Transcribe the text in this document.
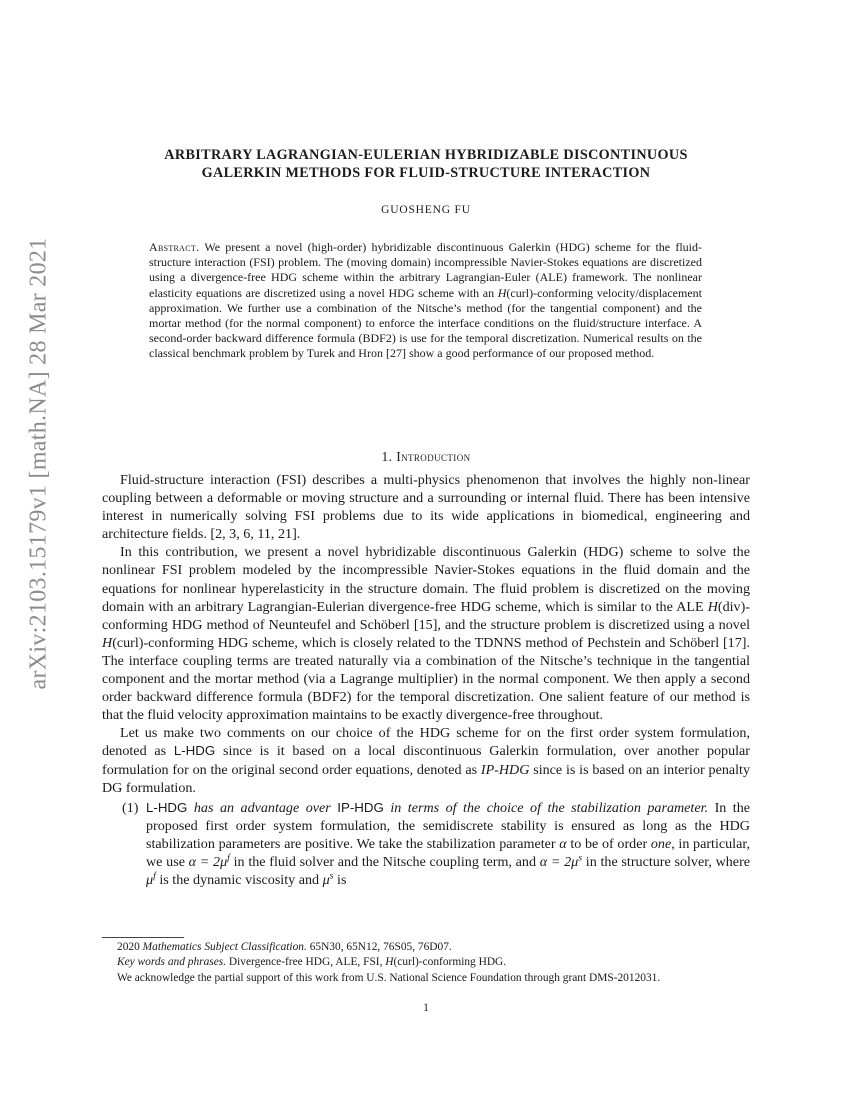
arXiv:2103.15179v1 [math.NA] 28 Mar 2021
ARBITRARY LAGRANGIAN-EULERIAN HYBRIDIZABLE DISCONTINUOUS
GALERKIN METHODS FOR FLUID-STRUCTURE INTERACTION
GUOSHENG FU
Abstract. We present a novel (high-order) hybridizable discontinuous Galerkin (HDG) scheme for the fluid-structure interaction (FSI) problem. The (moving domain) incompressible Navier-Stokes equations are discretized using a divergence-free HDG scheme within the arbitrary Lagrangian-Euler (ALE) framework. The nonlinear elasticity equations are discretized using a novel HDG scheme with an H(curl)-conforming velocity/displacement approximation. We further use a combination of the Nitsche’s method (for the tangential component) and the mortar method (for the normal component) to enforce the interface conditions on the fluid/structure interface. A second-order backward difference formula (BDF2) is use for the temporal discretization. Numerical results on the classical benchmark problem by Turek and Hron [27] show a good performance of our proposed method.
1. Introduction

Fluid-structure interaction (FSI) describes a multi-physics phenomenon that involves the highly non-linear coupling between a deformable or moving structure and a surrounding or internal fluid. There has been intensive interest in numerically solving FSI problems due to its wide applications in biomedical, engineering and architecture fields. [2, 3, 6, 11, 21].

In this contribution, we present a novel hybridizable discontinuous Galerkin (HDG) scheme to solve the nonlinear FSI problem modeled by the incompressible Navier-Stokes equations in the fluid domain and the equations for nonlinear hyperelasticity in the structure domain. The fluid problem is discretized on the moving domain with an arbitrary Lagrangian-Eulerian divergence-free HDG scheme, which is similar to the ALE H(div)-conforming HDG method of Neunteufel and Schöberl [15], and the structure problem is discretized using a novel H(curl)-conforming HDG scheme, which is closely related to the TDNNS method of Pechstein and Schöberl [17]. The interface coupling terms are treated naturally via a combination of the Nitsche’s technique in the tangential component and the mortar method (via a Lagrange multiplier) in the normal component. We then apply a second order backward difference formula (BDF2) for the temporal discretization. One salient feature of our method is that the fluid velocity approximation maintains to be exactly divergence-free throughout.

Let us make two comments on our choice of the HDG scheme for on the first order system formulation, denoted as L-HDG since is it based on a local discontinuous Galerkin formulation, over another popular formulation for on the original second order equations, denoted as IP-HDG since is is based on an interior penalty DG formulation.

(1) L-HDG has an advantage over IP-HDG in terms of the choice of the stabilization parameter. In the proposed first order system formulation, the semidiscrete stability is ensured as long as the HDG stabilization parameters are positive. We take the stabilization parameter α to be of order one, in particular, we use $\alpha = 2\mu^f$ in the fluid solver and the Nitsche coupling term, and $\alpha = 2\mu^s$ in the structure solver, where $\mu^f$ is the dynamic viscosity and $\mu^s$ is

2020 Mathematics Subject Classification. 65N30, 65N12, 76S05, 76D07.

Key words and phrases. Divergence-free HDG, ALE, FSI, H(curl)-conforming HDG.

We acknowledge the partial support of this work from U.S. National Science Foundation through grant DMS-2012031.

1
